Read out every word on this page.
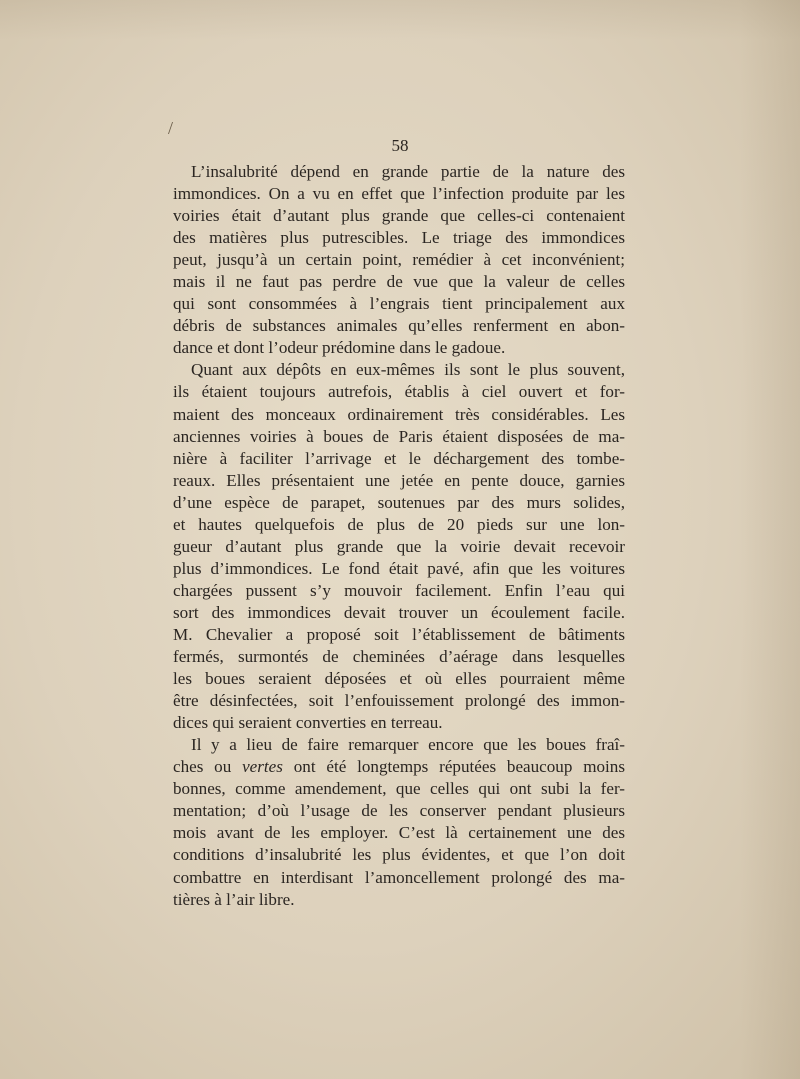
/
58
L’insalubrité dépend en grande partie de la nature des
immondices. On a vu en effet que l’infection produite par les
voiries était d’autant plus grande que celles-ci contenaient
des matières plus putrescibles. Le triage des immondices
peut, jusqu’à un certain point, remédier à cet inconvénient;
mais il ne faut pas perdre de vue que la valeur de celles
qui sont consommées à l’engrais tient principalement aux
débris de substances animales qu’elles renferment en abon-
dance et dont l’odeur prédomine dans le gadoue.
Quant aux dépôts en eux-mêmes ils sont le plus souvent,
ils étaient toujours autrefois, établis à ciel ouvert et for-
maient des monceaux ordinairement très considérables. Les
anciennes voiries à boues de Paris étaient disposées de ma-
nière à faciliter l’arrivage et le déchargement des tombe-
reaux. Elles présentaient une jetée en pente douce, garnies
d’une espèce de parapet, soutenues par des murs solides,
et hautes quelquefois de plus de 20 pieds sur une lon-
gueur d’autant plus grande que la voirie devait recevoir
plus d’immondices. Le fond était pavé, afin que les voitures
chargées pussent s’y mouvoir facilement. Enfin l’eau qui
sort des immondices devait trouver un écoulement facile.
M. Chevalier a proposé soit l’établissement de bâtiments
fermés, surmontés de cheminées d’aérage dans lesquelles
les boues seraient déposées et où elles pourraient même
être désinfectées, soit l’enfouissement prolongé des immon-
dices qui seraient converties en terreau.
Il y a lieu de faire remarquer encore que les boues fraî-
ches ou vertes ont été longtemps réputées beaucoup moins
bonnes, comme amendement, que celles qui ont subi la fer-
mentation; d’où l’usage de les conserver pendant plusieurs
mois avant de les employer. C’est là certainement une des
conditions d’insalubrité les plus évidentes, et que l’on doit
combattre en interdisant l’amoncellement prolongé des ma-
tières à l’air libre.
